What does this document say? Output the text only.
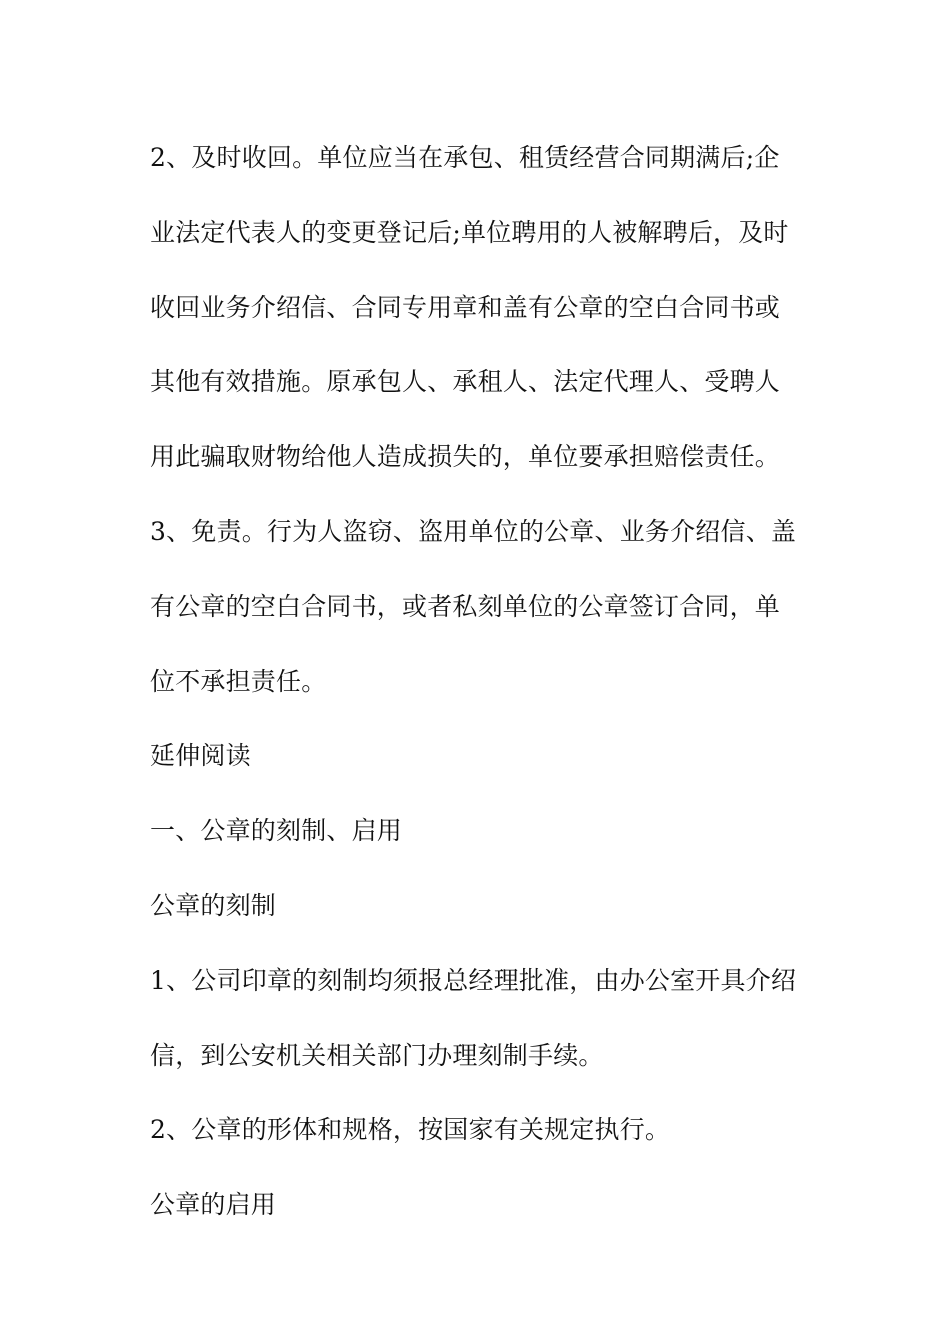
2、及时收回。单位应当在承包、租赁经营合同期满后;企
业法定代表人的变更登记后;单位聘用的人被解聘后，及时
收回业务介绍信、合同专用章和盖有公章的空白合同书或
其他有效措施。原承包人、承租人、法定代理人、受聘人
用此骗取财物给他人造成损失的，单位要承担赔偿责任。
3、免责。行为人盗窃、盗用单位的公章、业务介绍信、盖
有公章的空白合同书，或者私刻单位的公章签订合同，单
位不承担责任。
延伸阅读
一、公章的刻制、启用
公章的刻制
1、公司印章的刻制均须报总经理批准，由办公室开具介绍
信，到公安机关相关部门办理刻制手续。
2、公章的形体和规格，按国家有关规定执行。
公章的启用
